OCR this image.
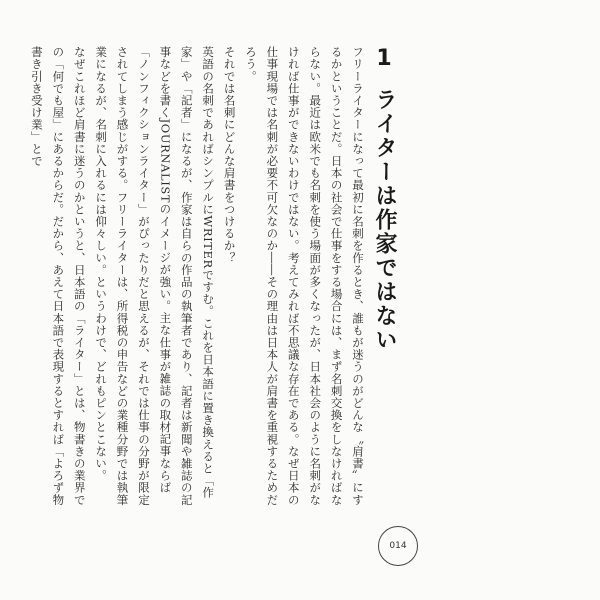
1
ライターは作家ではない

フリーライターになって最初に名刺を作るとき、誰もが迷うのがどんな〝肩書〟にするかということだ。日本の社会で仕事をする場合には、まず名刺交換をしなければならない。最近は欧米でも名刺を使う場面が多くなったが、日本社会のように名刺がなければ仕事ができないわけではない。考えてみれば不思議な存在である。なぜ日本の仕事現場では名刺が必要不可欠なのか――その理由は日本人が肩書を重視するためだろう。

それでは名刺にどんな肩書をつけるか？

英語の名刺であればシンプルにWRITERですむ。これを日本語に置き換えると「作家」や「記者」になるが、作家は自らの作品の執筆者であり、記者は新聞や雑誌の記事などを書くJOURNALISTのイメージが強い。主な仕事が雑誌の取材記事ならば「ノンフィクションライター」がぴったりだと思えるが、それでは仕事の分野が限定されてしまう感じがする。フリーライターは、所得税の申告などの業種分野では執筆業になるが、名刺に入れるには仰々しい。というわけで、どれもピンとこない。

なぜこれほど肩書に迷うのかというと、日本語の「ライター」とは、物書きの業界での「何でも屋」にあるからだ。だから、あえて日本語で表現するとすれば「よろず物書き引き受け業」とで

014
